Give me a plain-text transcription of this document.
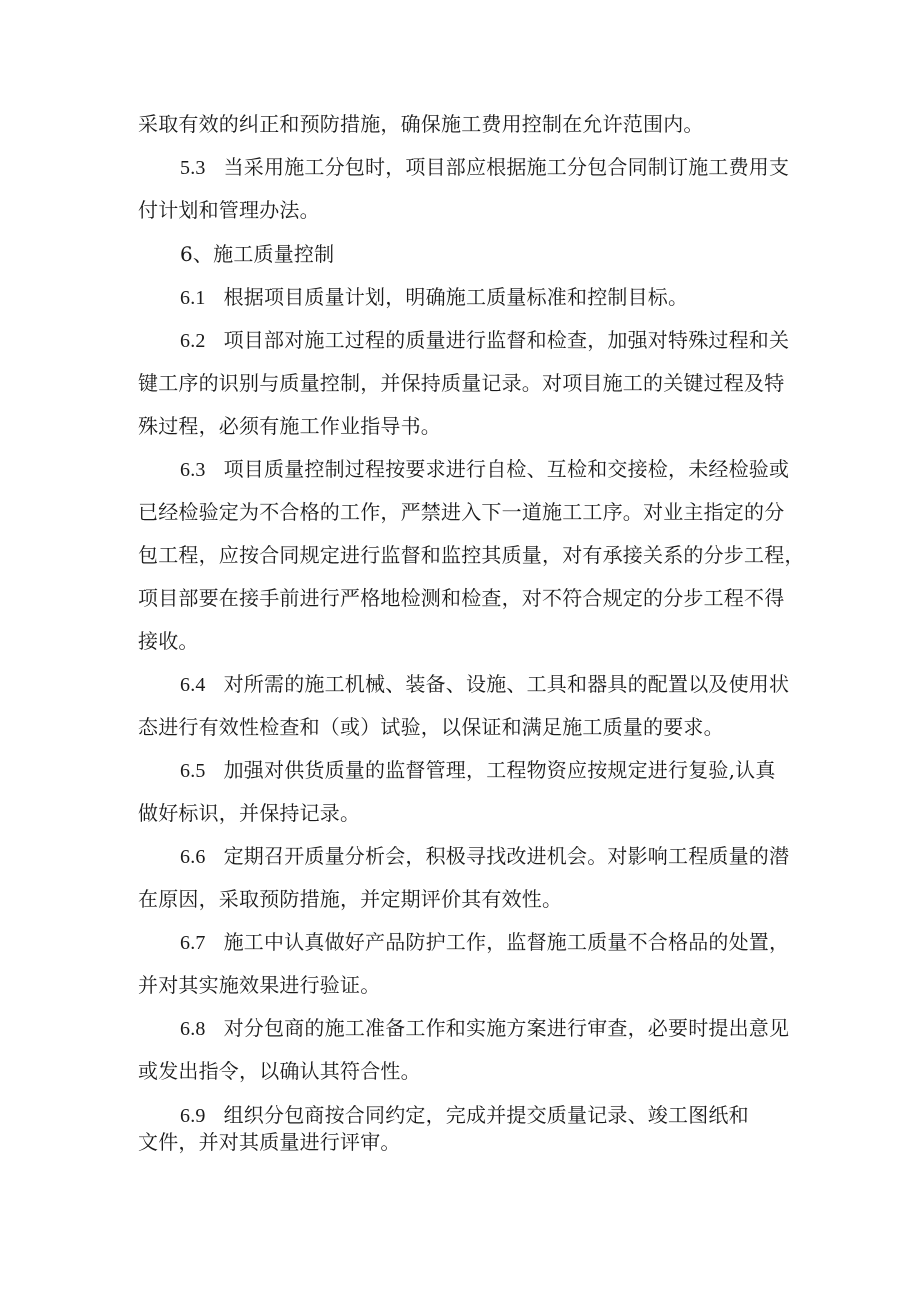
采取有效的纠正和预防措施，确保施工费用控制在允许范围内。
5.3 当采用施工分包时，项目部应根据施工分包合同制订施工费用支
付计划和管理办法。
6、施工质量控制
6.1 根据项目质量计划，明确施工质量标准和控制目标。
6.2 项目部对施工过程的质量进行监督和检查，加强对特殊过程和关
键工序的识别与质量控制，并保持质量记录。对项目施工的关键过程及特
殊过程，必须有施工作业指导书。
6.3 项目质量控制过程按要求进行自检、互检和交接检，未经检验或
已经检验定为不合格的工作，严禁进入下一道施工工序。对业主指定的分
包工程，应按合同规定进行监督和监控其质量，对有承接关系的分步工程，
项目部要在接手前进行严格地检测和检查，对不符合规定的分步工程不得
接收。
6.4 对所需的施工机械、装备、设施、工具和器具的配置以及使用状
态进行有效性检查和（或）试验，以保证和满足施工质量的要求。
6.5 加强对供货质量的监督管理，工程物资应按规定进行复验,认真
做好标识，并保持记录。
6.6 定期召开质量分析会，积极寻找改进机会。对影响工程质量的潜
在原因，采取预防措施，并定期评价其有效性。
6.7 施工中认真做好产品防护工作，监督施工质量不合格品的处置，
并对其实施效果进行验证。
6.8 对分包商的施工准备工作和实施方案进行审查，必要时提出意见
或发出指令，以确认其符合性。
6.9 组织分包商按合同约定，完成并提交质量记录、竣工图纸和
文件，并对其质量进行评审。
